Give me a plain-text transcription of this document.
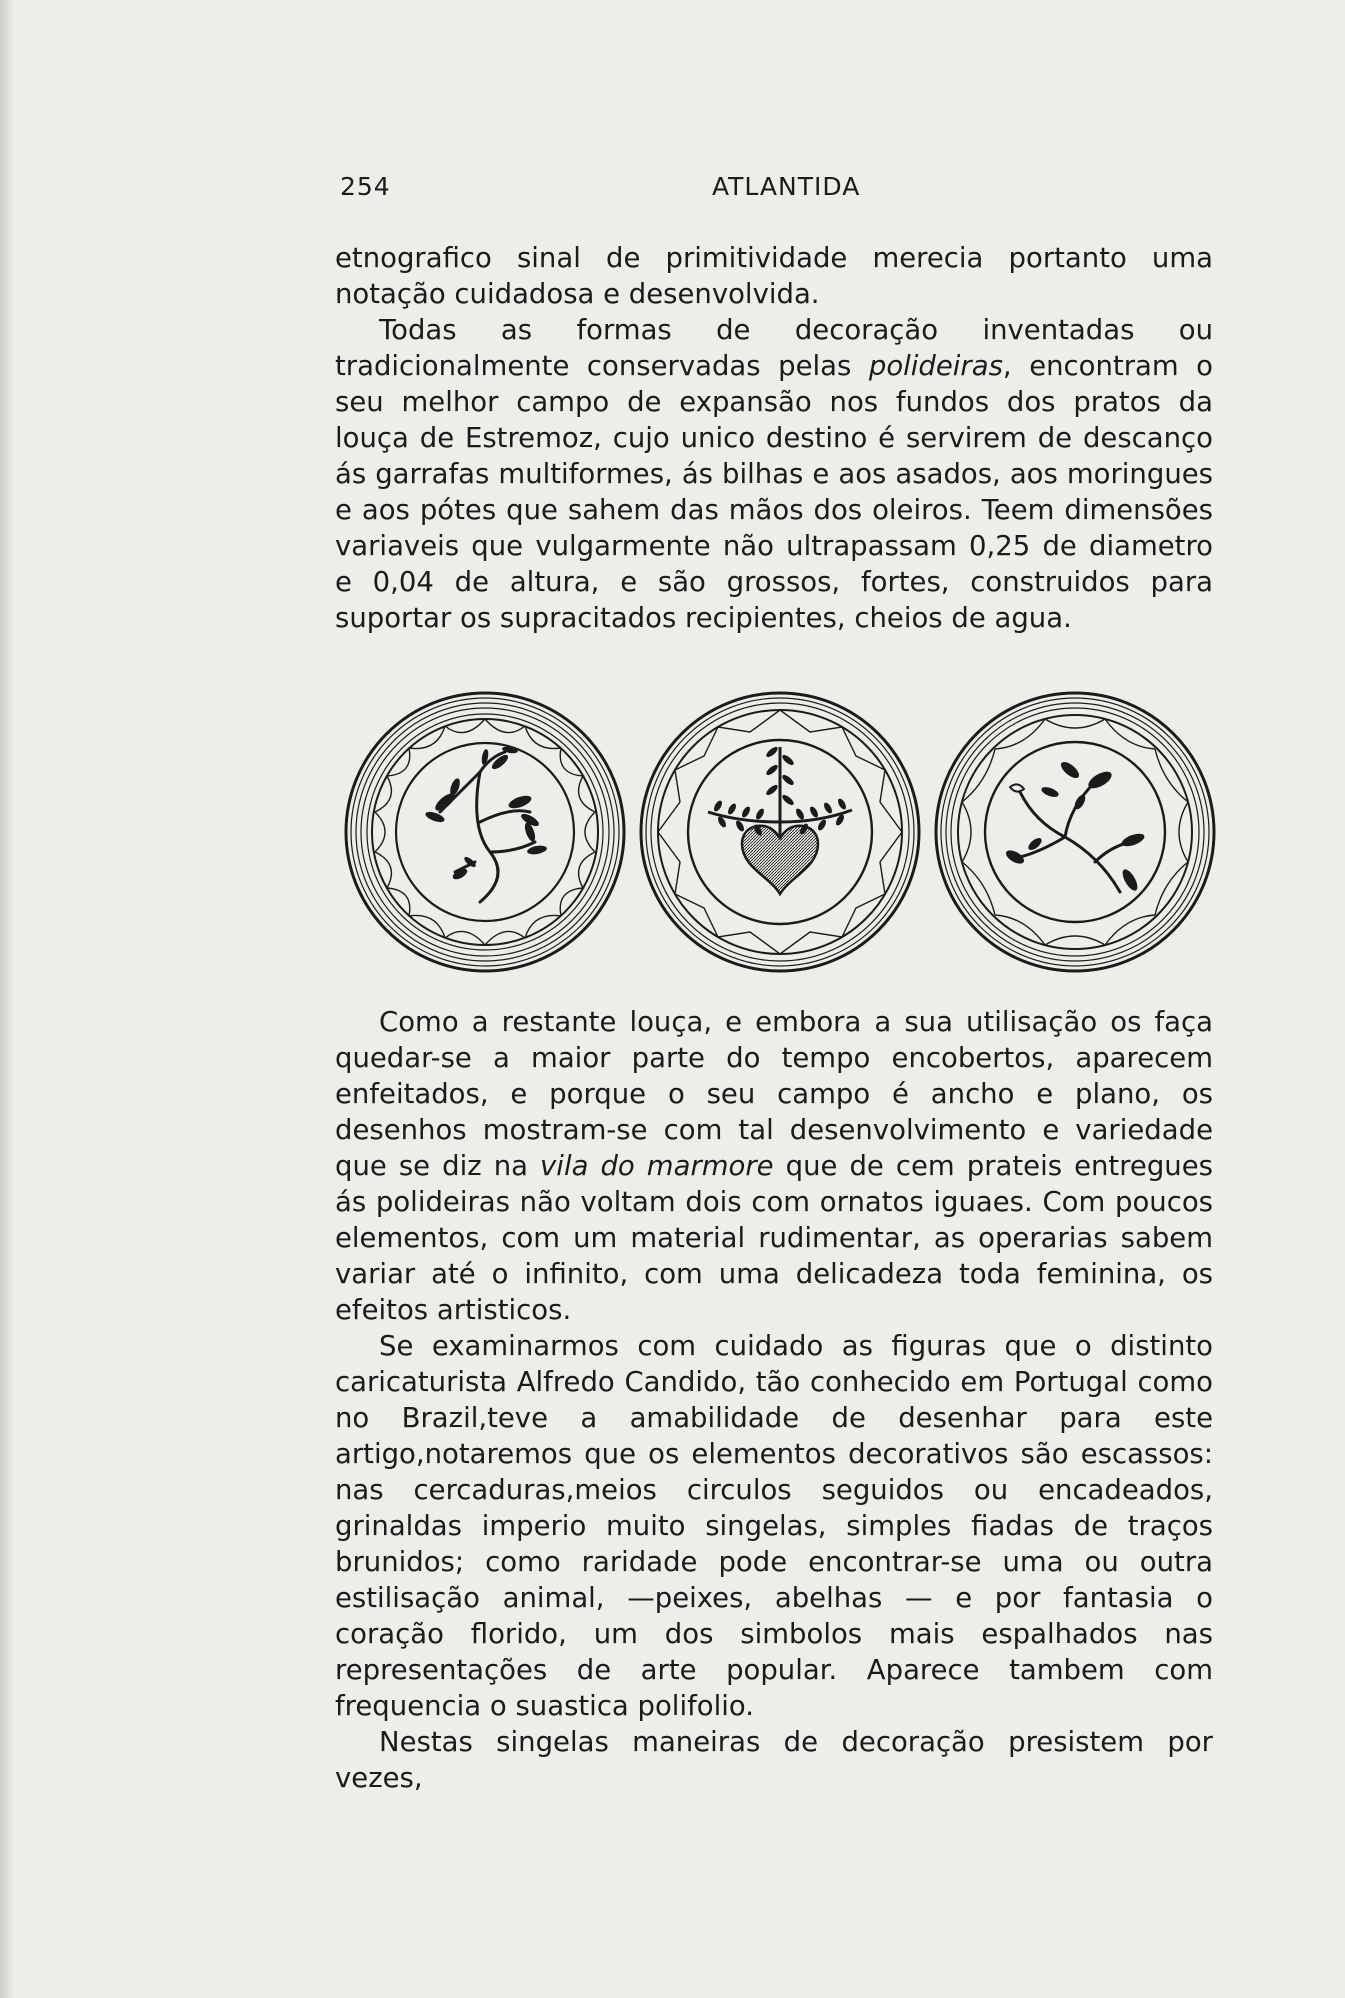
254	ATLANTIDA

etnografico sinal de primitividade merecia portanto uma notação cuidadosa e desenvolvida.

Todas as formas de decoração inventadas ou tradicionalmente conservadas pelas polideiras, encontram o seu melhor campo de expansão nos fundos dos pratos da louça de Estremoz, cujo unico destino é servirem de descanço ás garrafas multiformes, ás bilhas e aos asados, aos moringues e aos pótes que sahem das mãos dos oleiros. Teem dimensões variaveis que vulgarmente não ultrapassam 0,25 de diametro e 0,04 de altura, e são grossos, fortes, construidos para suportar os supracitados recipientes, cheios de agua.

Como a restante louça, e embora a sua utilisação os faça quedar-se a maior parte do tempo encobertos, aparecem enfeitados, e porque o seu campo é ancho e plano, os desenhos mostram-se com tal desenvolvimento e variedade que se diz na vila do marmore que de cem prateis entregues ás polideiras não voltam dois com ornatos iguaes. Com poucos elementos, com um material rudimentar, as operarias sabem variar até o infinito, com uma delicadeza toda feminina, os efeitos artisticos.

Se examinarmos com cuidado as figuras que o distinto caricaturista Alfredo Candido, tão conhecido em Portugal como no Brazil,teve a amabilidade de desenhar para este artigo,notaremos que os elementos decorativos são escassos: nas cercaduras,meios circulos seguidos ou encadeados, grinaldas imperio muito singelas, simples fiadas de traços brunidos; como raridade pode encontrar-se uma ou outra estilisação animal, —peixes, abelhas — e por fantasia o coração florido, um dos simbolos mais espalhados nas representações de arte popular. Aparece tambem com frequencia o suastica polifolio.

Nestas singelas maneiras de decoração presistem por vezes,
